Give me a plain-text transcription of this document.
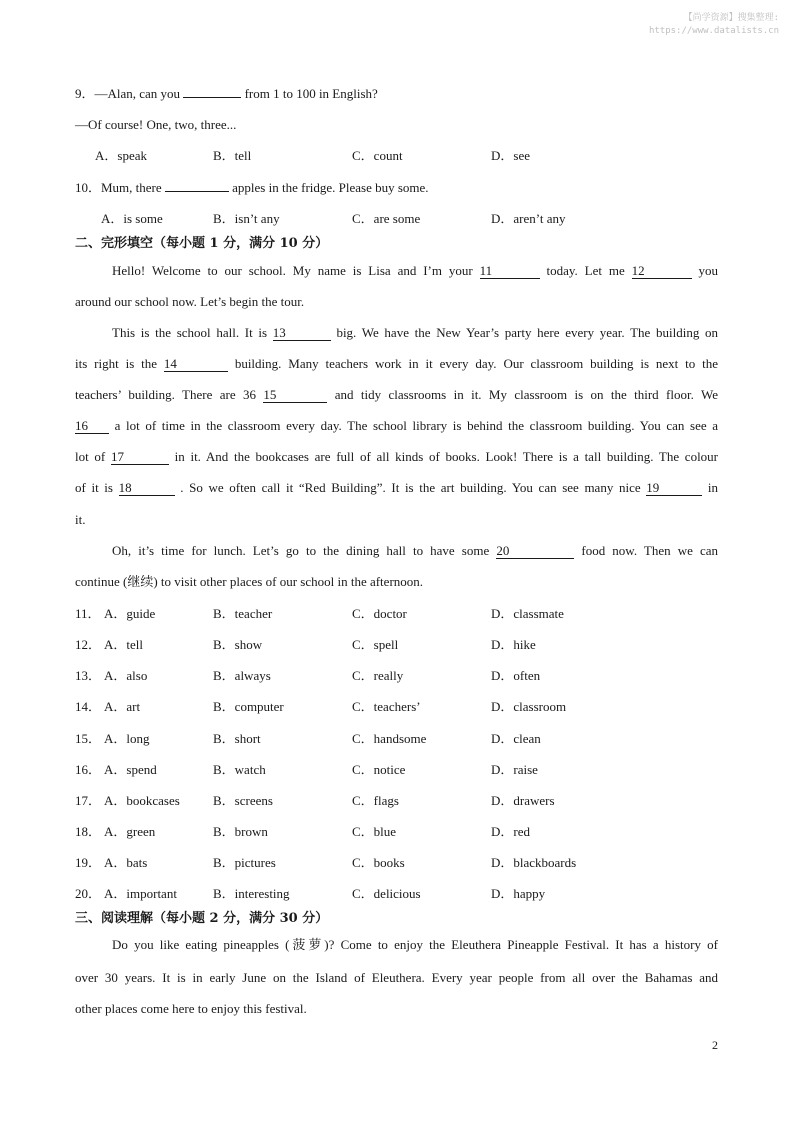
【尚学资源】搜集整理:
https://www.datalists.cn
9．—Alan, can you	from 1 to 100 in English?
—Of course! One, two, three...
A．speak	B．tell	C．count	D．see
10．Mum, there	apples in the fridge. Please buy some.
A．is some	B．isn’t any	C．are some	D．aren’t any
二、完形填空（每小题 1 分，满分 10 分）
Hello! Welcome to our school. My name is Lisa and I’m your 11	today. Let me 12	you
around our school now. Let’s begin the tour.
This is the school hall. It is 13	big. We have the New Year’s party here every year. The building on
its right is the 14	building. Many teachers work in it every day. Our classroom building is next to the
teachers’ building. There are 36 15	and tidy classrooms in it. My classroom is on the third floor. We
16 a lot of time in the classroom every day. The school library is behind the classroom building. You can see a
lot of 17	in it. And the bookcases are full of all kinds of books. Look! There is a tall building. The colour
of it is 18	. So we often call it “Red Building”. It is the art building. You can see many nice 19	in
it.
Oh, it’s time for lunch. Let’s go to the dining hall to have some 20	food now. Then we can
continue (继续) to visit other places of our school in the afternoon.
11． A．guide	B．teacher	C．doctor	D．classmate
12． A．tell	B．show	C．spell	D．hike
13． A．also	B．always	C．really	D．often
14． A．art	B．computer	C．teachers’	D．classroom
15． A．long	B．short	C．handsome	D．clean
16． A．spend	B．watch	C．notice	D．raise
17． A．bookcases	B．screens	C．flags	D．drawers
18． A．green	B．brown	C．blue	D．red
19． A．bats	B．pictures	C．books	D．blackboards
20． A．important	B．interesting	C．delicious	D．happy
三、阅读理解（每小题 2 分，满分 30 分）
Do you like eating pineapples (菠萝)? Come to enjoy the Eleuthera Pineapple Festival. It has a history of
over 30 years. It is in early June on the Island of Eleuthera. Every year people from all over the Bahamas and
other places come here to enjoy this festival.
2
